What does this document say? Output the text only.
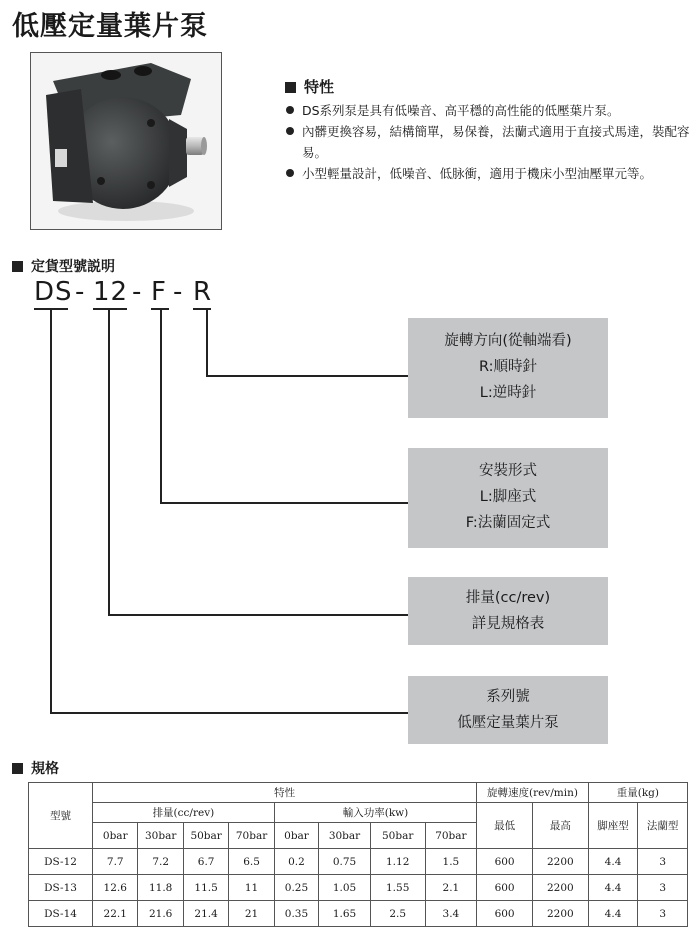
低壓定量葉片泵
特性
DS系列泵是具有低噪音、高平穩的高性能的低壓葉片泵。
內髒更換容易，結構簡單，易保養，法蘭式適用于直接式馬達，裝配容易。
小型輕量設計，低噪音、低脉衝，適用于機床小型油壓單元等。
定貨型號説明
DS - 12 - F - R
旋轉方向(從軸端看)
R:順時針
L:逆時針
安裝形式
L:脚座式
F:法蘭固定式
排量(cc/rev)
詳見規格表
系列號
低壓定量葉片泵
規格
型號	特性								旋轉速度(rev/min)		重量(kg)	
	排量(cc/rev)				輸入功率(kw)				最低	最高	脚座型	法蘭型
	0bar	30bar	50bar	70bar	0bar	30bar	50bar	70bar				
DS-12	7.7	7.2	6.7	6.5	0.2	0.75	1.12	1.5	600	2200	4.4	3
DS-13	12.6	11.8	11.5	11	0.25	1.05	1.55	2.1	600	2200	4.4	3
DS-14	22.1	21.6	21.4	21	0.35	1.65	2.5	3.4	600	2200	4.4	3
